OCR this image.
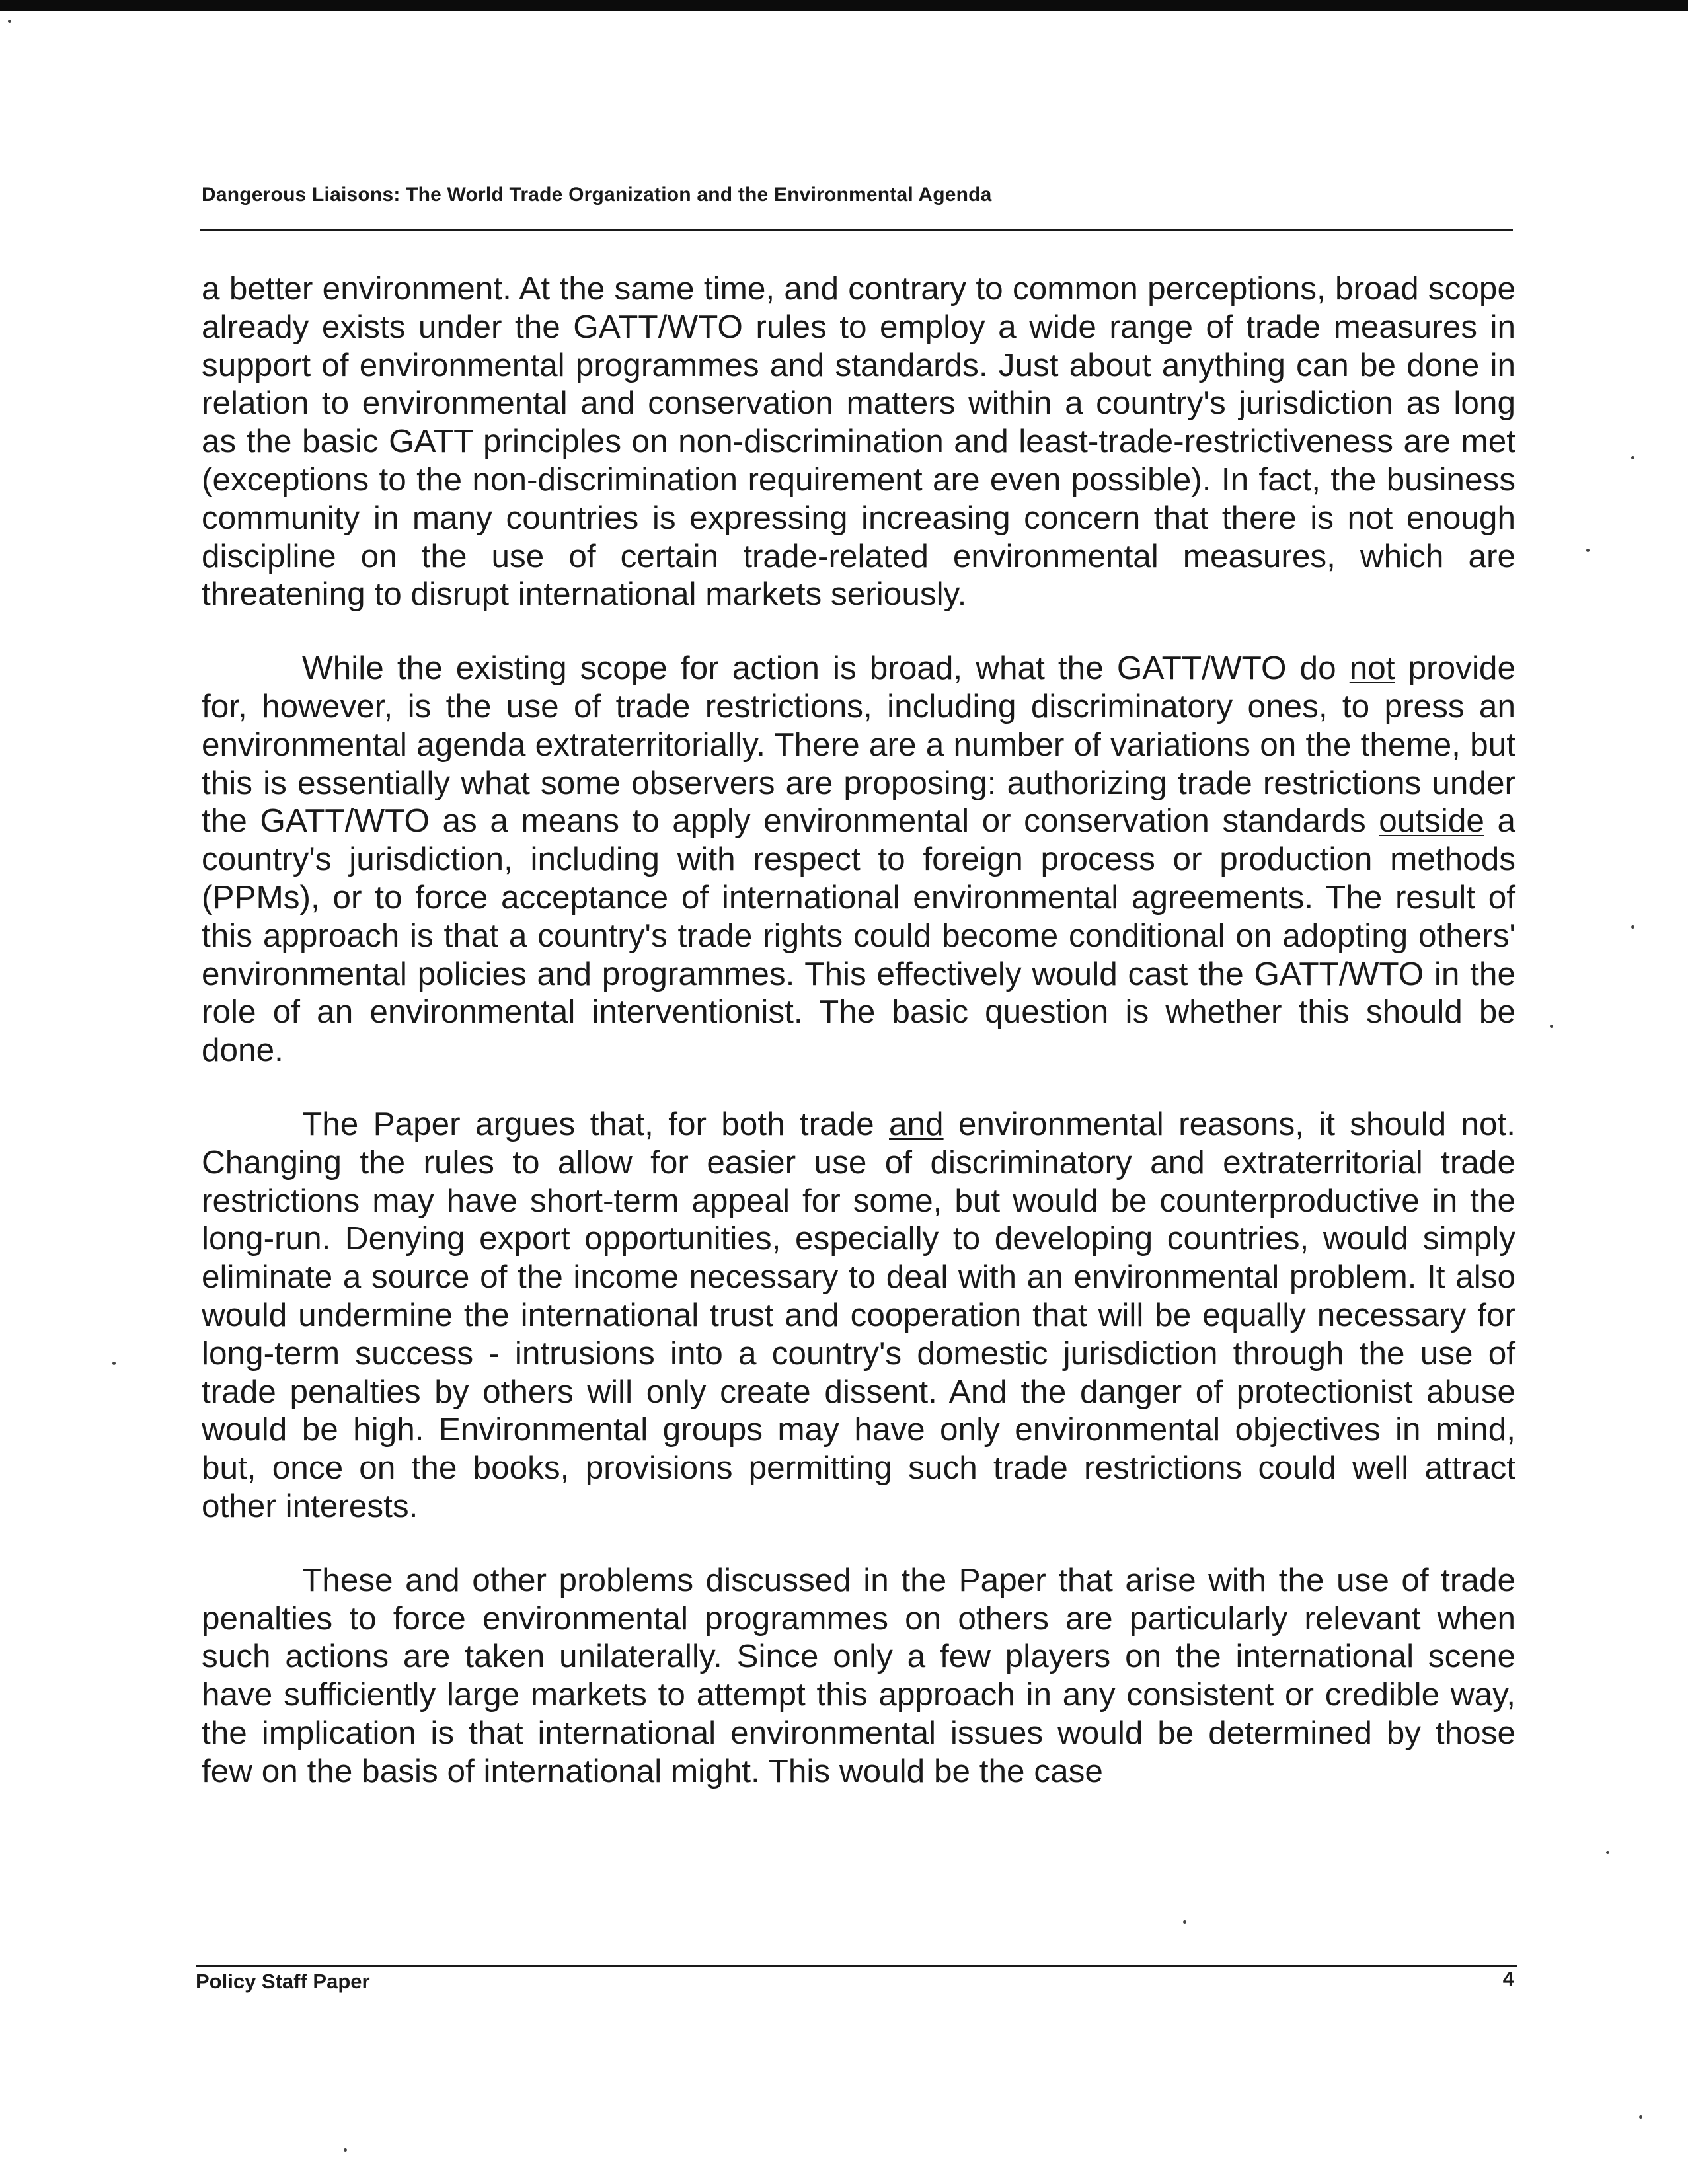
Dangerous Liaisons: The World Trade Organization and the Environmental Agenda

a better environment. At the same time, and contrary to common perceptions, broad scope already exists under the GATT/WTO rules to employ a wide range of trade measures in support of environmental programmes and standards. Just about anything can be done in relation to environmental and conservation matters within a country's jurisdiction as long as the basic GATT principles on non-discrimination and least-trade-restrictiveness are met (exceptions to the non-discrimination requirement are even possible). In fact, the business community in many countries is expressing increasing concern that there is not enough discipline on the use of certain trade-related environmental measures, which are threatening to disrupt international markets seriously.

While the existing scope for action is broad, what the GATT/WTO do not provide for, however, is the use of trade restrictions, including discriminatory ones, to press an environmental agenda extraterritorially. There are a number of variations on the theme, but this is essentially what some observers are proposing: authorizing trade restrictions under the GATT/WTO as a means to apply environmental or conservation standards outside a country's jurisdiction, including with respect to foreign process or production methods (PPMs), or to force acceptance of international environmental agreements. The result of this approach is that a country's trade rights could become conditional on adopting others' environmental policies and programmes. This effectively would cast the GATT/WTO in the role of an environmental interventionist. The basic question is whether this should be done.

The Paper argues that, for both trade and environmental reasons, it should not. Changing the rules to allow for easier use of discriminatory and extraterritorial trade restrictions may have short-term appeal for some, but would be counterproductive in the long-run. Denying export opportunities, especially to developing countries, would simply eliminate a source of the income necessary to deal with an environmental problem. It also would undermine the international trust and cooperation that will be equally necessary for long-term success - intrusions into a country's domestic jurisdiction through the use of trade penalties by others will only create dissent. And the danger of protectionist abuse would be high. Environmental groups may have only environmental objectives in mind, but, once on the books, provisions permitting such trade restrictions could well attract other interests.

These and other problems discussed in the Paper that arise with the use of trade penalties to force environmental programmes on others are particularly relevant when such actions are taken unilaterally. Since only a few players on the international scene have sufficiently large markets to attempt this approach in any consistent or credible way, the implication is that international environmental issues would be determined by those few on the basis of international might. This would be the case

Policy Staff Paper	4
